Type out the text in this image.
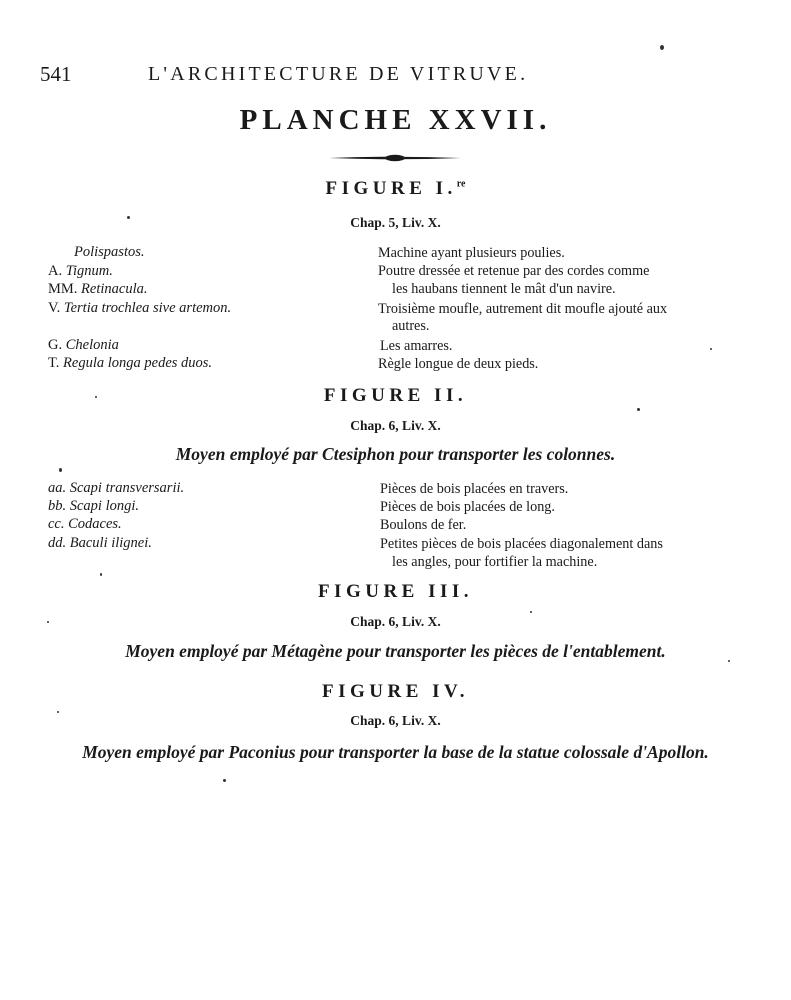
541	L'ARCHITECTURE DE VITRUVE.
PLANCHE XXVII.
FIGURE I.$^{re}$
Chap. 5, Liv. X.
Polispastos.	Machine ayant plusieurs poulies.
A. Tignum.	Poutre dressée et retenue par des cordes comme
MM. Retinacula.	les haubans tiennent le mât d'un navire.
V. Tertia trochlea sive artemon.	Troisième moufle, autrement dit moufle ajouté aux
autres.
G. Chelonia	Les amarres.
T. Regula longa pedes duos.	Règle longue de deux pieds.
FIGURE II.
Chap. 6, Liv. X.
Moyen employé par Ctesiphon pour transporter les colonnes.
aa. Scapi transversarii.	Pièces de bois placées en travers.
bb. Scapi longi.	Pièces de bois placées de long.
cc. Codaces.	Boulons de fer.
dd. Baculi ilignei.	Petites pièces de bois placées diagonalement dans
les angles, pour fortifier la machine.
FIGURE III.
Chap. 6, Liv. X.
Moyen employé par Métagène pour transporter les pièces de l'entablement.
FIGURE IV.
Chap. 6, Liv. X.
Moyen employé par Paconius pour transporter la base de la statue colossale d'Apollon.
